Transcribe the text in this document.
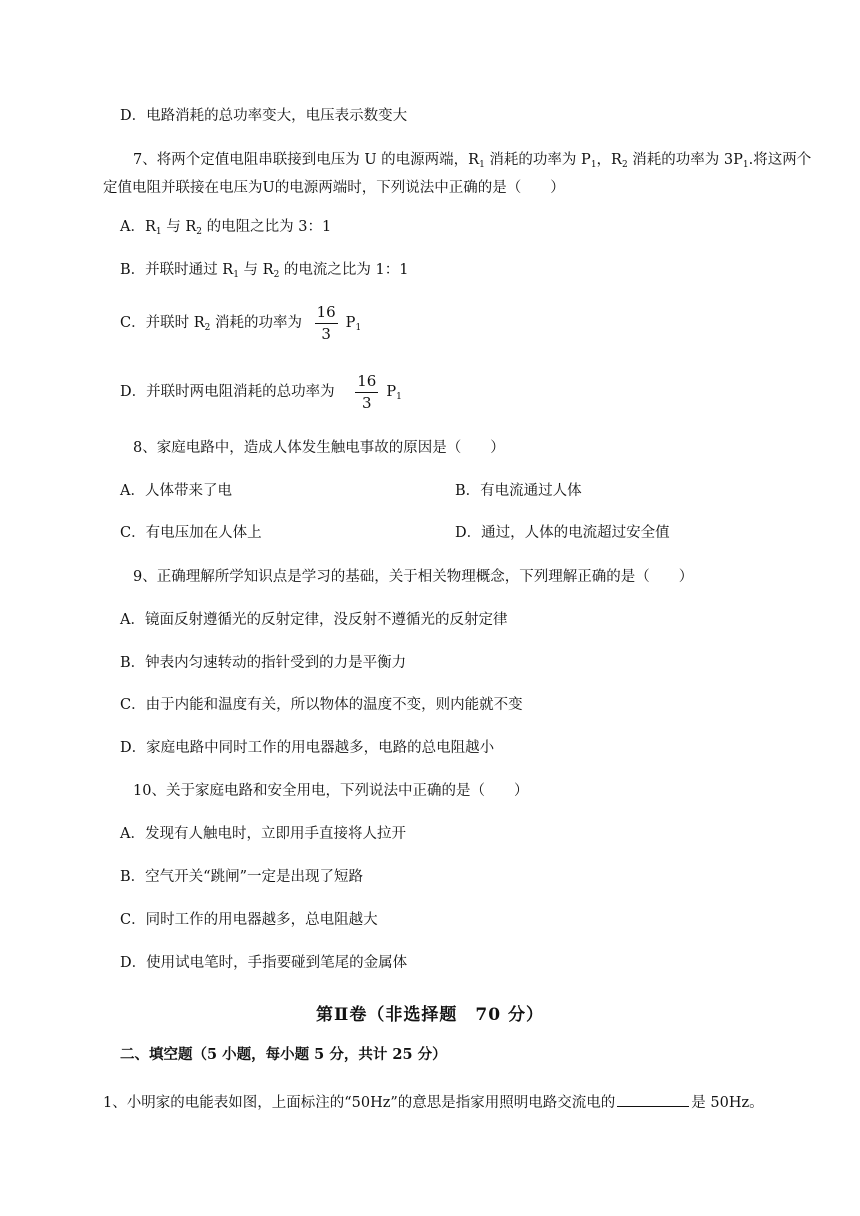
D．电路消耗的总功率变大，电压表示数变大

7、将两个定值电阻串联接到电压为 U 的电源两端，$R_1$ 消耗的功率为 $P_1$，$R_2$ 消耗的功率为 $3P_1$.将这两个定值电阻并联接在电压为U的电源两端时，下列说法中正确的是（　　）

A．$R_1$ 与 $R_2$ 的电阻之比为 3：1
B．并联时通过 $R_1$ 与 $R_2$ 的电流之比为 1：1
C．并联时 $R_2$ 消耗的功率为 $\frac{16}{3} P_1$
D．并联时两电阻消耗的总功率为 $\frac{16}{3} P_1$
8、家庭电路中，造成人体发生触电事故的原因是（　　）
A．人体带来了电	B．有电流通过人体
C．有电压加在人体上	D．通过，人体的电流超过安全值
9、正确理解所学知识点是学习的基础，关于相关物理概念，下列理解正确的是（　　）
A．镜面反射遵循光的反射定律，没反射不遵循光的反射定律
B．钟表内匀速转动的指针受到的力是平衡力
C．由于内能和温度有关，所以物体的温度不变，则内能就不变
D．家庭电路中同时工作的用电器越多，电路的总电阻越小
10、关于家庭电路和安全用电，下列说法中正确的是（　　）
A．发现有人触电时，立即用手直接将人拉开
B．空气开关“跳闸”一定是出现了短路
C．同时工作的用电器越多，总电阻越大
D．使用试电笔时，手指要碰到笔尾的金属体
第Ⅱ卷（非选择题　70 分）
二、填空题（5 小题，每小题 5 分，共计 25 分）
1、小明家的电能表如图，上面标注的“50Hz”的意思是指家用照明电路交流电的	是 50Hz。
